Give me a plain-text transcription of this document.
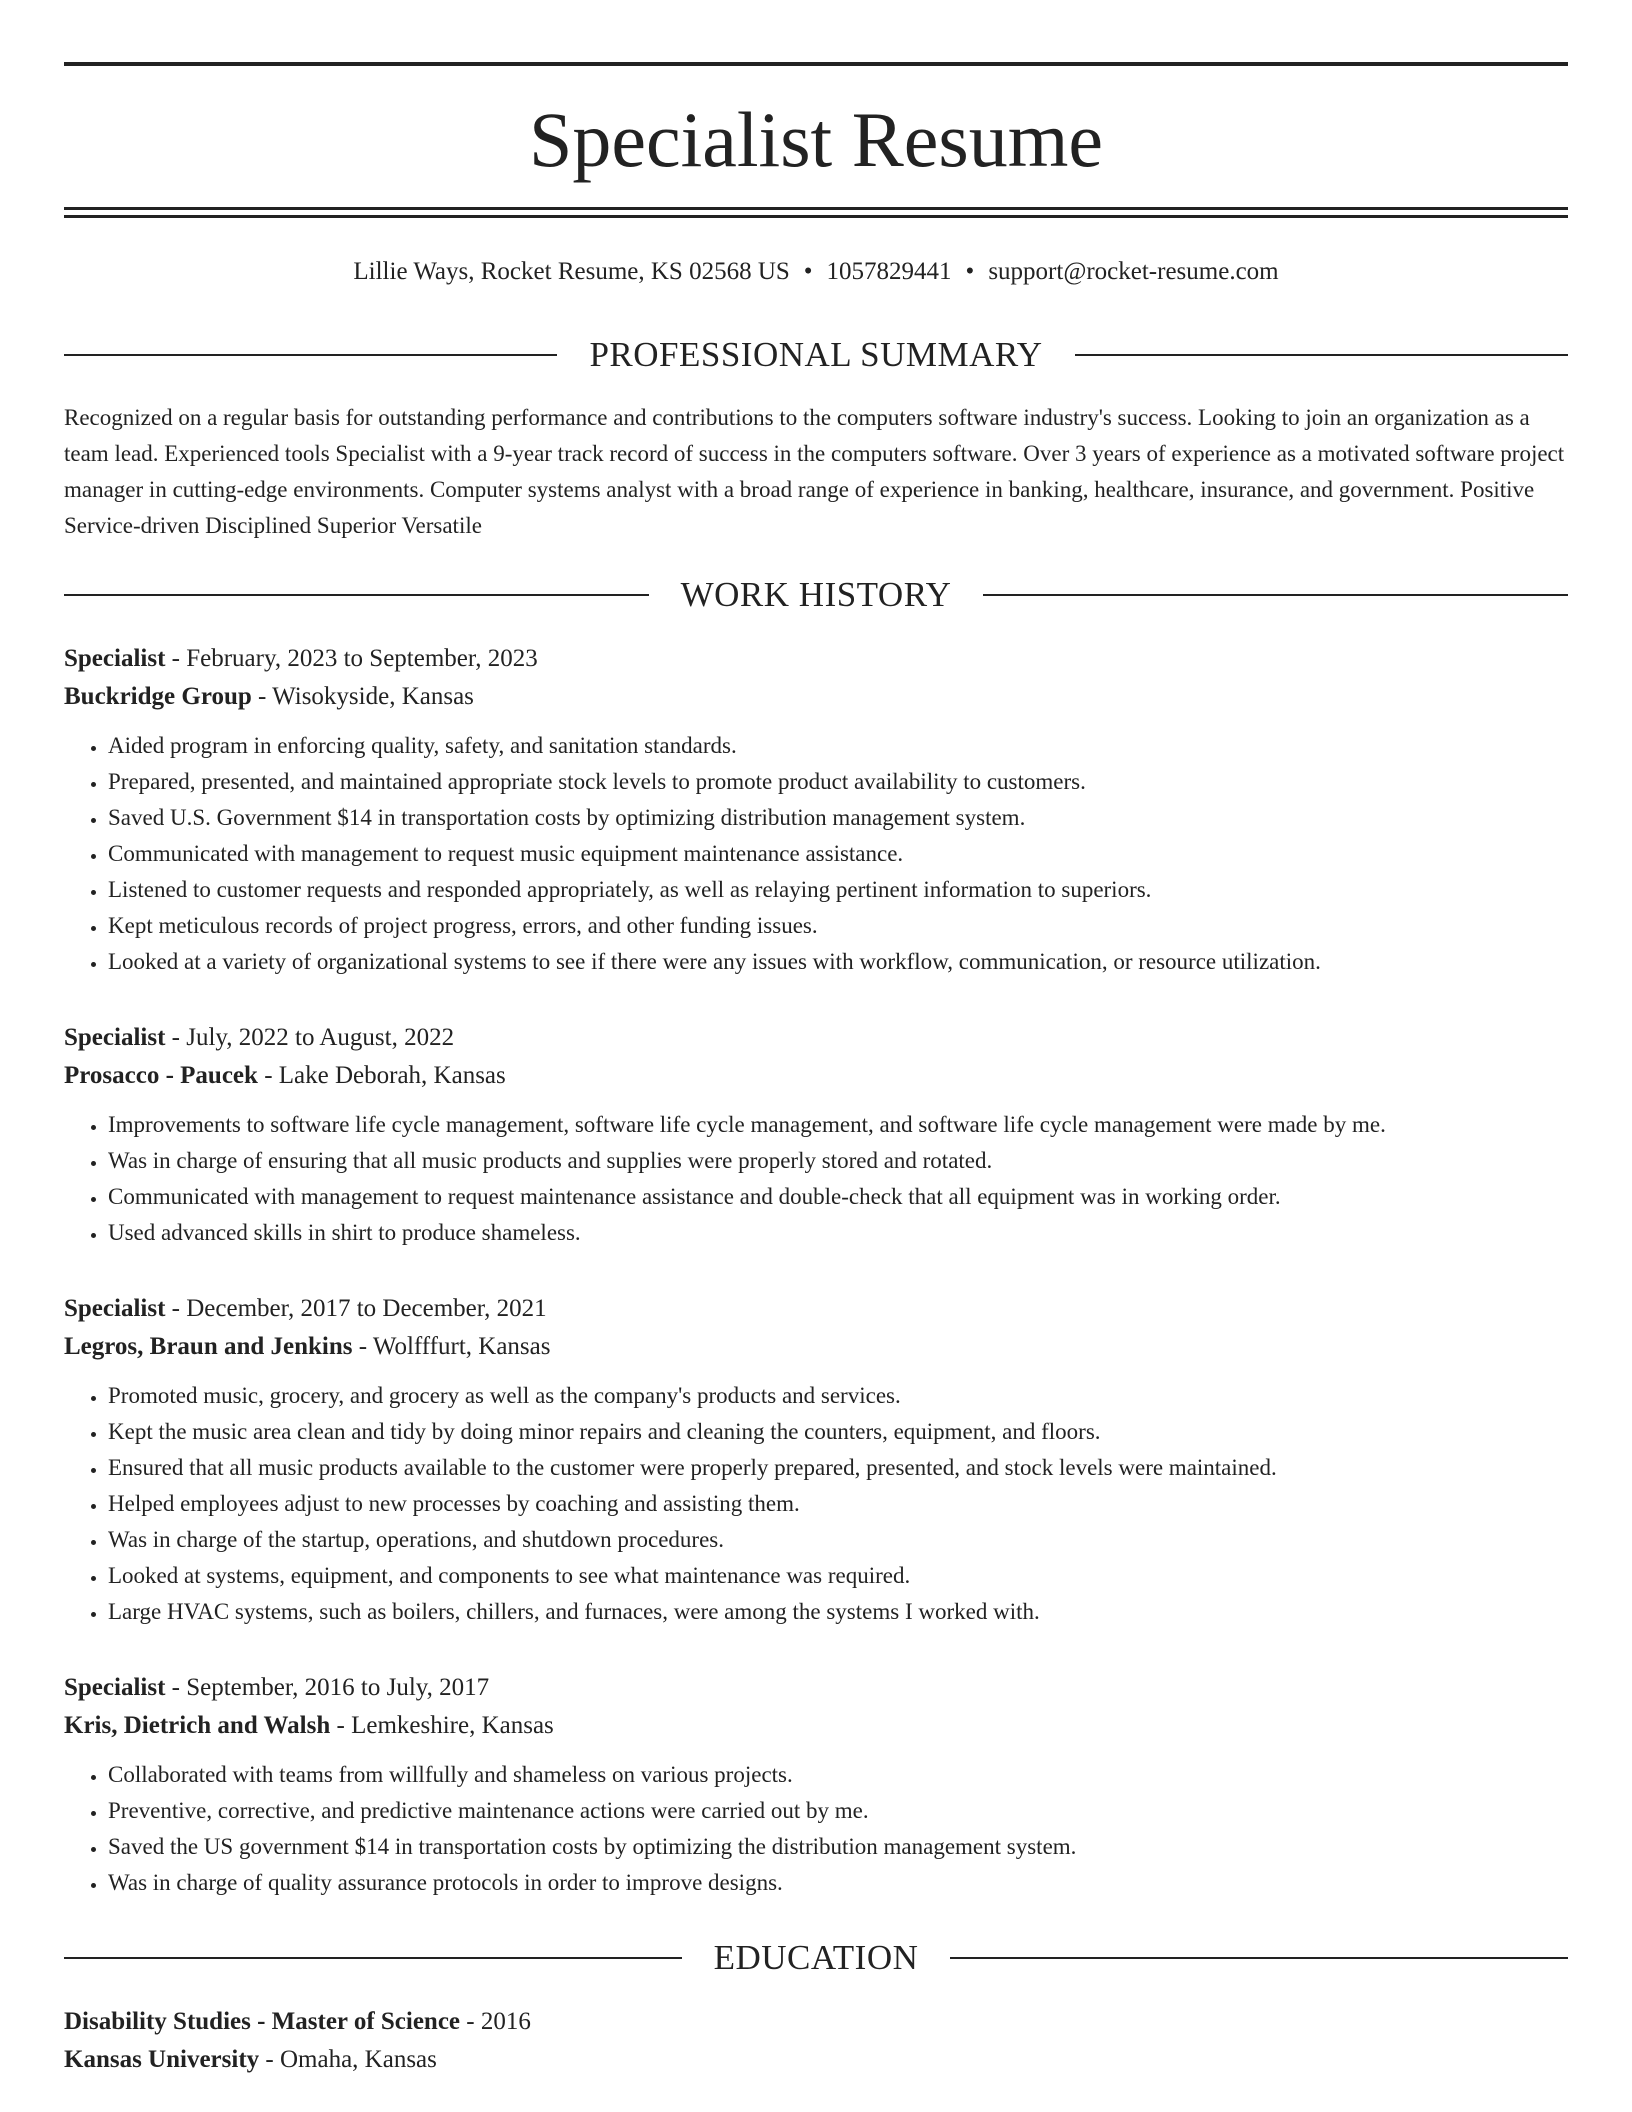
Specialist Resume
Lillie Ways, Rocket Resume, KS 02568 US • 1057829441 • support@rocket-resume.com
PROFESSIONAL SUMMARY

Recognized on a regular basis for outstanding performance and contributions to the computers software industry's success. Looking to join an organization as a team lead. Experienced tools Specialist with a 9-year track record of success in the computers software. Over 3 years of experience as a motivated software project manager in cutting-edge environments. Computer systems analyst with a broad range of experience in banking, healthcare, insurance, and government. Positive Service-driven Disciplined Superior Versatile

WORK HISTORY
Specialist - February, 2023 to September, 2023
Buckridge Group - Wisokyside, Kansas
• Aided program in enforcing quality, safety, and sanitation standards.
• Prepared, presented, and maintained appropriate stock levels to promote product availability to customers.
• Saved U.S. Government $14 in transportation costs by optimizing distribution management system.
• Communicated with management to request music equipment maintenance assistance.
• Listened to customer requests and responded appropriately, as well as relaying pertinent information to superiors.
• Kept meticulous records of project progress, errors, and other funding issues.
• Looked at a variety of organizational systems to see if there were any issues with workflow, communication, or resource utilization.
Specialist - July, 2022 to August, 2022
Prosacco - Paucek - Lake Deborah, Kansas
• Improvements to software life cycle management, software life cycle management, and software life cycle management were made by me.
• Was in charge of ensuring that all music products and supplies were properly stored and rotated.
• Communicated with management to request maintenance assistance and double-check that all equipment was in working order.
• Used advanced skills in shirt to produce shameless.
Specialist - December, 2017 to December, 2021
Legros, Braun and Jenkins - Wolfffurt, Kansas
• Promoted music, grocery, and grocery as well as the company's products and services.
• Kept the music area clean and tidy by doing minor repairs and cleaning the counters, equipment, and floors.
• Ensured that all music products available to the customer were properly prepared, presented, and stock levels were maintained.
• Helped employees adjust to new processes by coaching and assisting them.
• Was in charge of the startup, operations, and shutdown procedures.
• Looked at systems, equipment, and components to see what maintenance was required.
• Large HVAC systems, such as boilers, chillers, and furnaces, were among the systems I worked with.
Specialist - September, 2016 to July, 2017
Kris, Dietrich and Walsh - Lemkeshire, Kansas
• Collaborated with teams from willfully and shameless on various projects.
• Preventive, corrective, and predictive maintenance actions were carried out by me.
• Saved the US government $14 in transportation costs by optimizing the distribution management system.
• Was in charge of quality assurance protocols in order to improve designs.
EDUCATION
Disability Studies - Master of Science - 2016
Kansas University - Omaha, Kansas
